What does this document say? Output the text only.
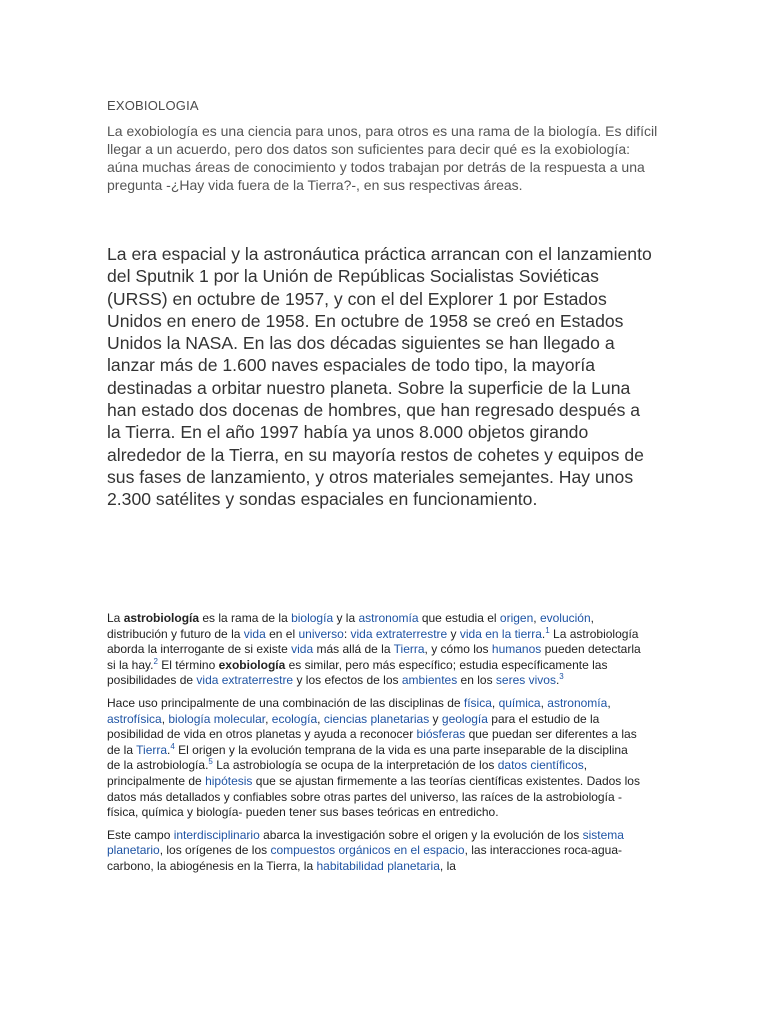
EXOBIOLOGIA

La exobiología es una ciencia para unos, para otros es una rama de la biología. Es difícil llegar a un acuerdo, pero dos datos son suficientes para decir qué es la exobiología: aúna muchas áreas de conocimiento y todos trabajan por detrás de la respuesta a una pregunta -¿Hay vida fuera de la Tierra?-, en sus respectivas áreas.

La era espacial y la astronáutica práctica arrancan con el lanzamiento del Sputnik 1 por la Unión de Repúblicas Socialistas Soviéticas (URSS) en octubre de 1957, y con el del Explorer 1 por Estados Unidos en enero de 1958. En octubre de 1958 se creó en Estados Unidos la NASA. En las dos décadas siguientes se han llegado a lanzar más de 1.600 naves espaciales de todo tipo, la mayoría destinadas a orbitar nuestro planeta. Sobre la superficie de la Luna han estado dos docenas de hombres, que han regresado después a la Tierra. En el año 1997 había ya unos 8.000 objetos girando alrededor de la Tierra, en su mayoría restos de cohetes y equipos de sus fases de lanzamiento, y otros materiales semejantes. Hay unos 2.300 satélites y sondas espaciales en funcionamiento.

La astrobiología es la rama de la biología y la astronomía que estudia el origen, evolución, distribución y futuro de la vida en el universo: vida extraterrestre y vida en la tierra.$^1$ La astrobiología aborda la interrogante de si existe vida más allá de la Tierra, y cómo los humanos pueden detectarla si la hay.$^2$ El término exobiología es similar, pero más específico; estudia específicamente las posibilidades de vida extraterrestre y los efectos de los ambientes en los seres vivos.$^3$

Hace uso principalmente de una combinación de las disciplinas de física, química, astronomía, astrofísica, biología molecular, ecología, ciencias planetarias y geología para el estudio de la posibilidad de vida en otros planetas y ayuda a reconocer biósferas que puedan ser diferentes a las de la Tierra.$^4$ El origen y la evolución temprana de la vida es una parte inseparable de la disciplina de la astrobiología.$^5$ La astrobiología se ocupa de la interpretación de los datos científicos, principalmente de hipótesis que se ajustan firmemente a las teorías científicas existentes. Dados los datos más detallados y confiables sobre otras partes del universo, las raíces de la astrobiología -física, química y biología- pueden tener sus bases teóricas en entredicho.

Este campo interdisciplinario abarca la investigación sobre el origen y la evolución de los sistema planetario, los orígenes de los compuestos orgánicos en el espacio, las interacciones roca-agua-carbono, la abiogénesis en la Tierra, la habitabilidad planetaria, la
